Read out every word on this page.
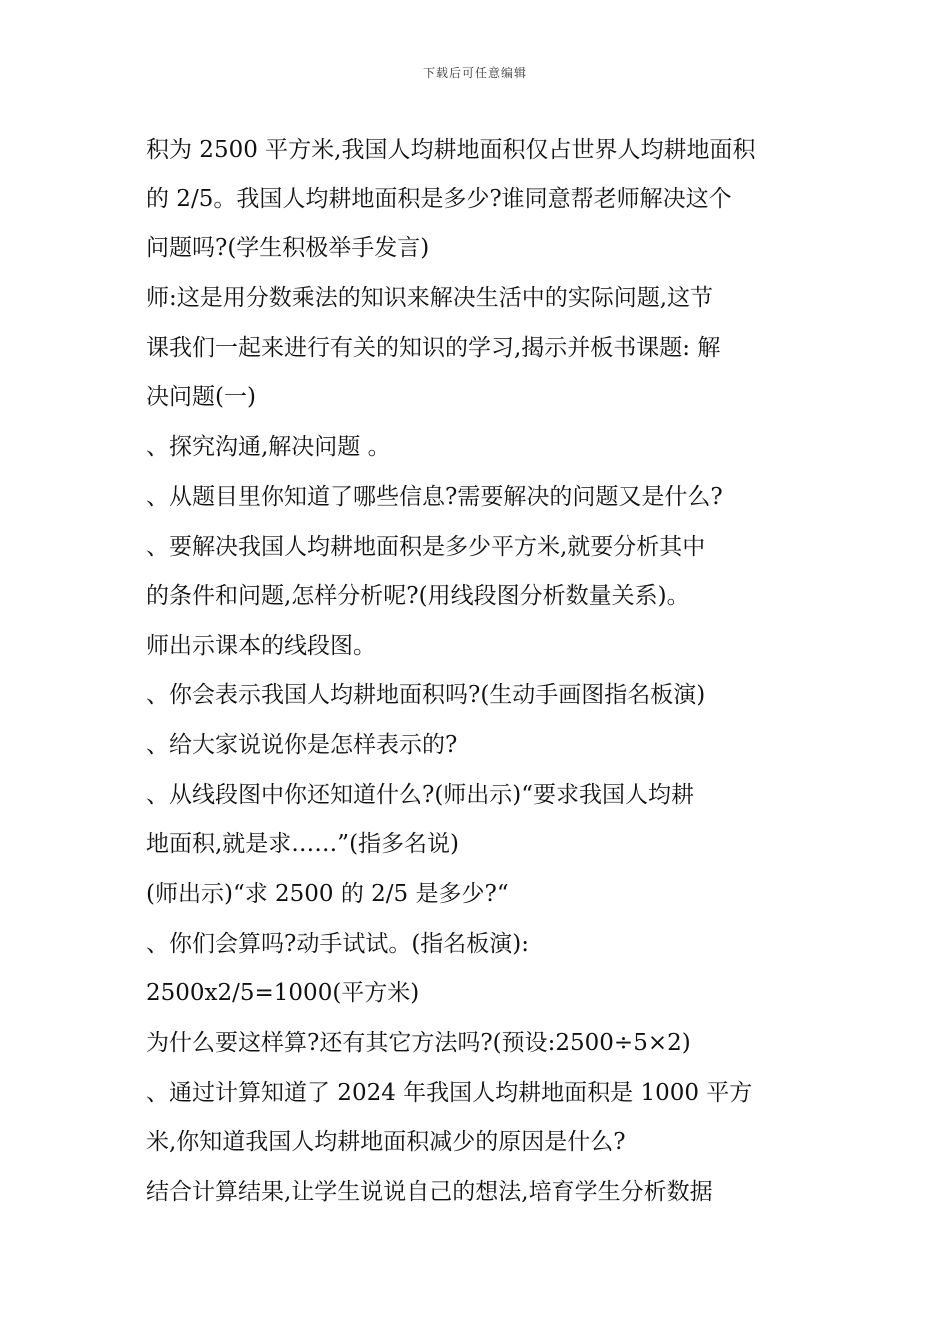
下载后可任意编辑
积为 2500 平方米,我国人均耕地面积仅占世界人均耕地面积
的 2/5。我国人均耕地面积是多少?谁同意帮老师解决这个
问题吗?(学生积极举手发言)
师:这是用分数乘法的知识来解决生活中的实际问题,这节
课我们一起来进行有关的知识的学习,揭示并板书课题: 解
决问题(一)
、探究沟通,解决问题 。
、从题目里你知道了哪些信息?需要解决的问题又是什么?
、要解决我国人均耕地面积是多少平方米,就要分析其中
的条件和问题,怎样分析呢?(用线段图分析数量关系)。
师出示课本的线段图。
、你会表示我国人均耕地面积吗?(生动手画图指名板演)
、给大家说说你是怎样表示的?
、从线段图中你还知道什么?(师出示)“要求我国人均耕
地面积,就是求……”(指多名说)
(师出示)“求 2500 的 2/5 是多少?“
、你们会算吗?动手试试。(指名板演):
2500x2/5=1000(平方米)
为什么要这样算?还有其它方法吗?(预设:2500÷5×2)
、通过计算知道了 2024 年我国人均耕地面积是 1000 平方
米,你知道我国人均耕地面积减少的原因是什么?
结合计算结果,让学生说说自己的想法,培育学生分析数据
